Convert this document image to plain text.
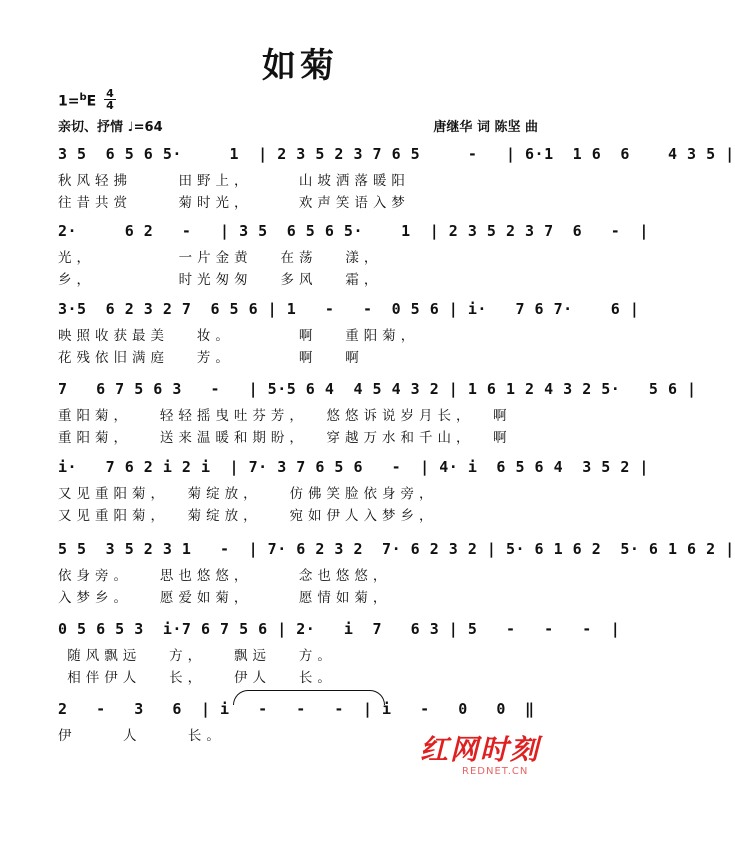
如菊
1=$^b$E
4
4
亲切、抒情 ♩=64	唐继华 词 陈坚 曲
3 5  6 5 6 5·     1  | 2 3 5 2 3 7 6 5     -   | 6·1  1 6  6    4 3 5 |
秋风轻拂     田野上，     山坡洒落暖阳
往昔共赏     菊时光，     欢声笑语入梦
2·     6 2   -   | 3 5  6 5 6 5·    1  | 2 3 5 2 3 7  6   -  |
光，         一片金黄   在荡   漾，
乡，         时光匆匆   多风   霜，
3·5  6 2 3 2 7  6 5 6 | 1   -   -  0 5 6 | i·   7 6 7·    6 |
映照收获最美   妆。       啊   重阳菊，
花残依旧满庭   芳。       啊   啊
7   6 7 5 6 3   -   | 5·5 6 4  4 5 4 3 2 | 1 6 1 2 4 3 2 5·   5 6 |
重阳菊，   轻轻摇曳吐芬芳，  悠悠诉说岁月长，  啊
重阳菊，   送来温暖和期盼，  穿越万水和千山，  啊
i·   7 6 2 i 2 i  | 7· 3 7 6 5 6   -  | 4· i  6 5 6 4  3 5 2 |
又见重阳菊，  菊绽放，   仿佛笑脸依身旁，
又见重阳菊，  菊绽放，   宛如伊人入梦乡，
5 5  3 5 2 3 1   -  | 7· 6 2 3 2  7· 6 2 3 2 | 5· 6 1 6 2  5· 6 1 6 2 |
依身旁。   思也悠悠，     念也悠悠，
入梦乡。   愿爱如菊，     愿情如菊，
0 5 6 5 3  i·7 6 7 5 6 | 2·   i  7   6 3 | 5   -   -   -  |
随风飘远   方，   飘远   方。
相伴伊人   长，   伊人   长。
2   -   3   6  | i   -   -   -  | i   -   0   0  ‖
伊     人     长。	红网时刻
REDNET.CN
